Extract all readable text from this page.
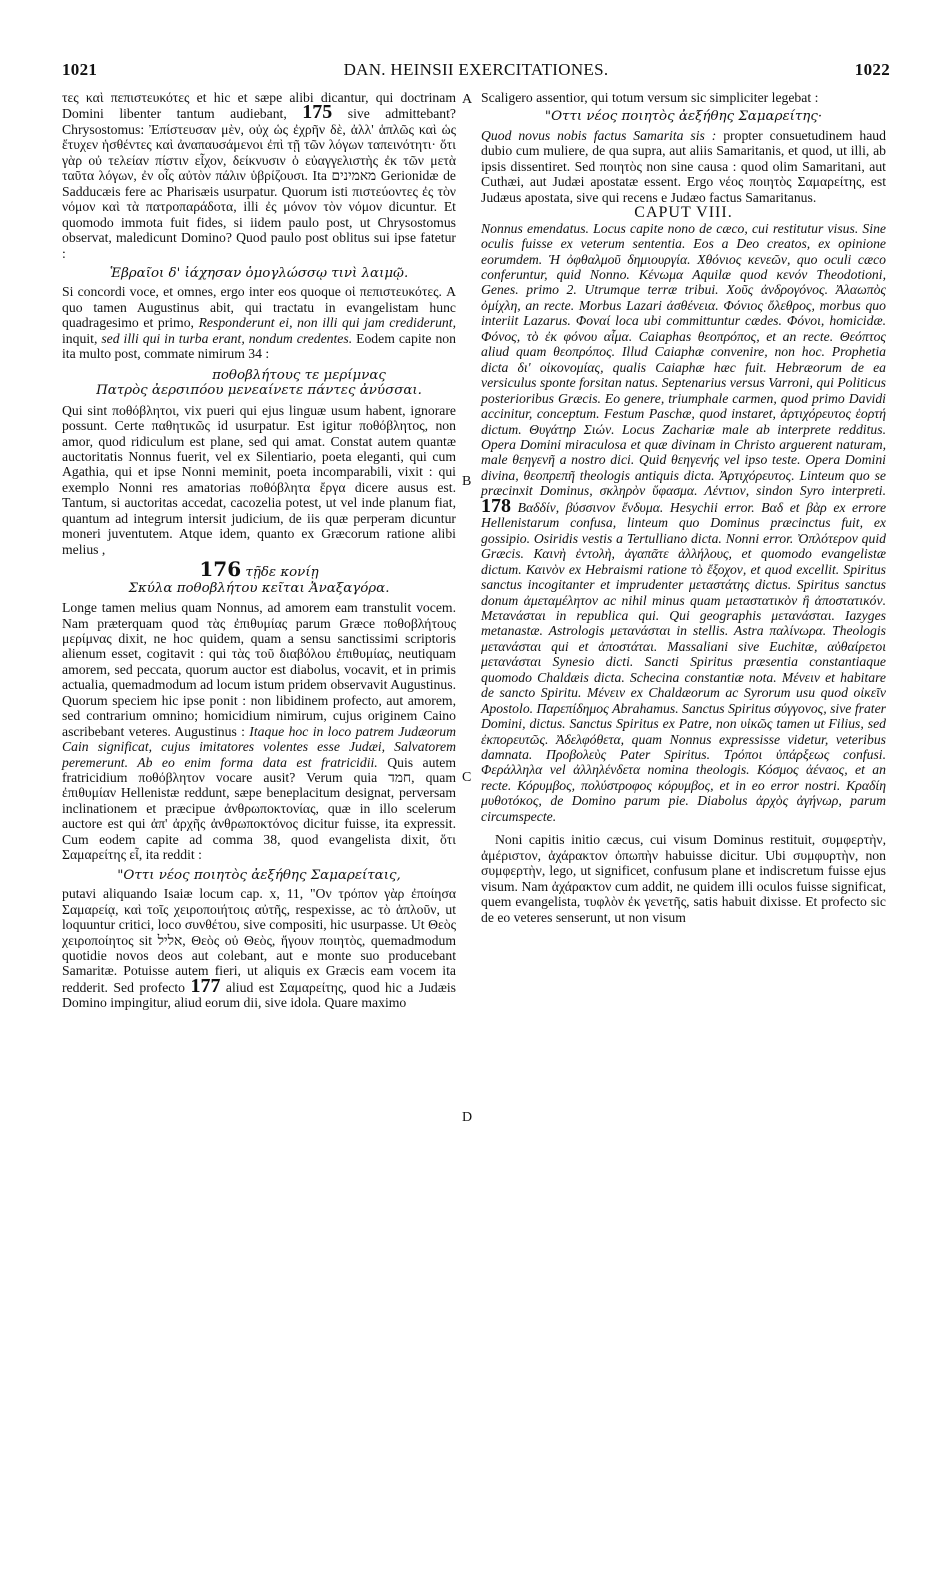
1021	DAN. HEINSII EXERCITATIONES.	1022
A
B
C
D

τες καὶ πεπιστευκότες et hic et sæpe alibi dicantur, qui doctrinam Domini libenter tantum audiebant, 175 sive admittebant? Chrysostomus: Ἐπίστευσαν μὲν, οὐχ ὡς ἐχρῆν δὲ, ἀλλ' ἁπλῶς καὶ ὡς ἔτυχεν ἡσθέντες καὶ ἀναπαυσάμενοι ἐπὶ τῇ τῶν λόγων ταπεινότητι· ὅτι γὰρ οὐ τελείαν πίστιν εἶχον, δείκνυσιν ὁ εὐαγγελιστὴς ἐκ τῶν μετὰ ταῦτα λόγων, ἐν οἷς αὐτὸν πάλιν ὑβρίζουσι. Ita מאמינים Gerionidæ de Sadducæis fere ac Pharisæis usurpatur. Quorum isti πιστεύοντες ἐς τὸν νόμον καὶ τὰ πατροπαράδοτα, illi ἐς μόνον τὸν νόμον dicuntur. Et quomodo immota fuit fides, si iidem paulo post, ut Chrysostomus observat, maledicunt Domino? Quod paulo post oblitus sui ipse fatetur :

Ἑβραῖοι δ' ἰάχησαν ὁμογλώσσῳ τινὶ λαιμῷ.

Si concordi voce, et omnes, ergo inter eos quoque οἱ πεπιστευκότες. A quo tamen Augustinus abit, qui tractatu in evangelistam hunc quadragesimo et primo, Responderunt ei, non illi qui jam crediderunt, inquit, sed illi qui in turba erant, nondum credentes. Eodem capite non ita multo post, commate nimirum 34 :

ποθοβλήτους τε μερίμνας

Πατρὸς ἀερσιπόου μενεαίνετε πάντες ἀνύσσαι.

Qui sint ποθόβλητοι, vix pueri qui ejus linguæ usum habent, ignorare possunt. Certe παθητικῶς id usurpatur. Est igitur ποθόβλητος, non amor, quod ridiculum est plane, sed qui amat. Constat autem quantæ auctoritatis Nonnus fuerit, vel ex Silentiario, poeta eleganti, qui cum Agathia, qui et ipse Nonni meminit, poeta incomparabili, vixit : qui exemplo Nonni res amatorias ποθόβλητα ἔργα dicere ausus est. Tantum, si auctoritas accedat, cacozelia potest, ut vel inde planum fiat, quantum ad integrum intersit judicium, de iis quæ perperam dicuntur moneri juventutem. Atque idem, quanto ex Græcorum ratione alibi melius ,

176 τῇδε κονίῃ

Σκύλα ποθοβλήτου κεῖται Ἀναξαγόρα.

Longe tamen melius quam Nonnus, ad amorem eam transtulit vocem. Nam præterquam quod τὰς ἐπιθυμίας parum Græce ποθοβλήτους μερίμνας dixit, ne hoc quidem, quam a sensu sanctissimi scriptoris alienum esset, cogitavit : qui τὰς τοῦ διαβόλου ἐπιθυμίας, neutiquam amorem, sed peccata, quorum auctor est diabolus, vocavit, et in primis actualia, quemadmodum ad locum istum pridem observavit Augustinus. Quorum speciem hic ipse ponit : non libidinem profecto, aut amorem, sed contrarium omnino; homicidium nimirum, cujus originem Caino ascribebant veteres. Augustinus : Itaque hoc in loco patrem Judæorum Cain significat, cujus imitatores volentes esse Judæi, Salvatorem peremerunt. Ab eo enim forma data est fratricidii. Quis autem fratricidium ποθόβλητον vocare ausit? Verum quia חמד, quam ἐπιθυμίαν Hellenistæ reddunt, sæpe beneplacitum designat, perversam inclinationem et præcipue ἀνθρωποκτονίας, quæ in illo scelerum auctore est qui ἀπ' ἀρχῆς ἀνθρωποκτόνος dicitur fuisse, ita expressit. Cum eodem capite ad comma 38, quod evangelista dixit, ὅτι Σαμαρείτης εἶ, ita reddit :

"Οττι νέος ποιητὸς ἀεξήθης Σαμαρείταις,

putavi aliquando Isaiæ locum cap. x, 11, "Ον τρόπον γὰρ ἐποίησα Σαμαρείᾳ, καὶ τοῖς χειροποιήτοις αὐτῆς, respexisse, ac τὸ ἁπλοῦν, ut loquuntur critici, loco συνθέτου, sive compositi, hic usurpasse. Ut Θεὸς χειροποίητος sit אליל, Θεὸς οὐ Θεὸς, ἤγουν ποιητὸς, quemadmodum quotidie novos deos aut colebant, aut e monte suo producebant Samaritæ. Potuisse autem fieri, ut aliquis ex Græcis eam vocem ita redderit. Sed profecto 177 aliud est Σαμαρείτης, quod hic a Judæis Domino impingitur, aliud eorum dii, sive idola. Quare maximo

Scaligero assentior, qui totum versum sic simpliciter legebat :

"Οττι νέος ποιητὸς ἀεξήθης Σαμαρείτης·

Quod novus nobis factus Samarita sis : propter consuetudinem haud dubio cum muliere, de qua supra, aut aliis Samaritanis, et quod, ut illi, ab ipsis dissentiret. Sed ποιητὸς non sine causa : quod olim Samaritani, aut Cuthæi, aut Judæi apostatæ essent. Ergo νέος ποιητὸς Σαμαρείτης, est Judæus apostata, sive qui recens e Judæo factus Samaritanus.

CAPUT VIII.

Nonnus emendatus. Locus capite nono de cæco, cui restitutur visus. Sine oculis fuisse ex veterum sententia. Eos a Deo creatos, ex opinione eorumdem. Ἡ ὀφθαλμοῦ δημιουργία. Χθόνιος κενεῶν, quo oculi cæco conferuntur, quid Nonno. Κένωμα Aquilæ quod κενόν Theodotioni, Genes. primo 2. Utrumque terræ tribui. Χοῦς ἀνδρογόνος. Ἀλαωπὸς ὀμίχλη, an recte. Morbus Lazari ἀσθένεια. Φόνιος ὄλεθρος, morbus quo interiit Lazarus. Φοναί loca ubi committuntur cædes. Φόνοι, homicidæ. Φόνος, τὸ ἐκ φόνου αἷμα. Caiaphas θεοπρόπος, et an recte. Θεόπτος aliud quam θεοπρόπος. Illud Caiaphæ convenire, non hoc. Prophetia dicta δι' οἰκονομίας, qualis Caiaphæ hæc fuit. Hebræorum de ea versiculus sponte forsitan natus. Septenarius versus Varroni, qui Politicus posterioribus Græcis. Eo genere, triumphale carmen, quod primo Davidi accinitur, conceptum. Festum Paschæ, quod instaret, ἀρτιχόρευτος ἑορτή dictum. Θυγάτηρ Σιών. Locus Zachariæ male ab interprete redditus. Opera Domini miraculosa et quæ divinam in Christo arguerent naturam, male θεηγενῆ a nostro dici. Quid θεηγενής vel ipso teste. Opera Domini divina, θεοπρεπῆ theologis antiquis dicta. Ἀρτιχόρευτος. Linteum quo se præcinxit Dominus, σκληρὸν ὕφασμα. Λέντιον, sindon Syro interpreti. 178 Βαδδίν, βύσσινον ἔνδυμα. Hesychii error. Βαδ et βὰρ ex errore Hellenistarum confusa, linteum quo Dominus præcinctus fuit, ex gossipio. Osiridis vestis a Tertulliano dicta. Nonni error. Ὀπλότερον quid Græcis. Καινὴ ἐντολὴ, ἀγαπᾶτε ἀλλήλους, et quomodo evangelistæ dictum. Καινὸν ex Hebraismi ratione τὸ ἔξοχον, et quod excellit. Spiritus sanctus incogitanter et imprudenter μεταστάτης dictus. Spiritus sanctus donum ἀμεταμέλητον ac nihil minus quam μεταστατικὸν ἢ ἀποστατικόν. Μετανάσται in republica qui. Qui geographis μετανάσται. Iazyges metanastæ. Astrologis μετανάσται in stellis. Astra παλίνωρα. Theologis μετανάσται qui et ἀποστάται. Massaliani sive Euchitæ, αὐθαίρετοι μετανάσται Synesio dicti. Sancti Spiritus præsentia constantiaque quomodo Chaldæis dicta. Schecina constantiæ nota. Μένειν et habitare de sancto Spiritu. Μένειν ex Chaldæorum ac Syrorum usu quod οἰκεῖν Apostolo. Παρεπίδημος Abrahamus. Sanctus Spiritus σύγγονος, sive frater Domini, dictus. Sanctus Spiritus ex Patre, non υἱκῶς tamen ut Filius, sed ἐκπορευτῶς. Ἀδελφόθετα, quam Nonnus expressisse videtur, veteribus damnata. Προβολεὺς Pater Spiritus. Τρόποι ὑπάρξεως confusi. Φεράλληλα vel ἀλληλένδετα nomina theologis. Κόσμος ἀέναος, et an recte. Κόρυμβος, πολύστροφος κόρυμβος, et in eo error nostri. Κραδίη μυθοτόκος, de Domino parum pie. Diabolus ἀρχὸς ἀγήνωρ, parum circumspecte.

Noni capitis initio cæcus, cui visum Dominus restituit, συμφερτὴν, ἀμέριστον, ἀχάρακτον ὀπωπὴν habuisse dicitur. Ubi συμφυρτὴν, non συμφερτὴν, lego, ut significet, confusum plane et indiscretum fuisse ejus visum. Nam ἀχάρακτον cum addit, ne quidem illi oculos fuisse significat, quem evangelista, τυφλὸν ἐκ γενετῆς, satis habuit dixisse. Et profecto sic de eo veteres senserunt, ut non visum
